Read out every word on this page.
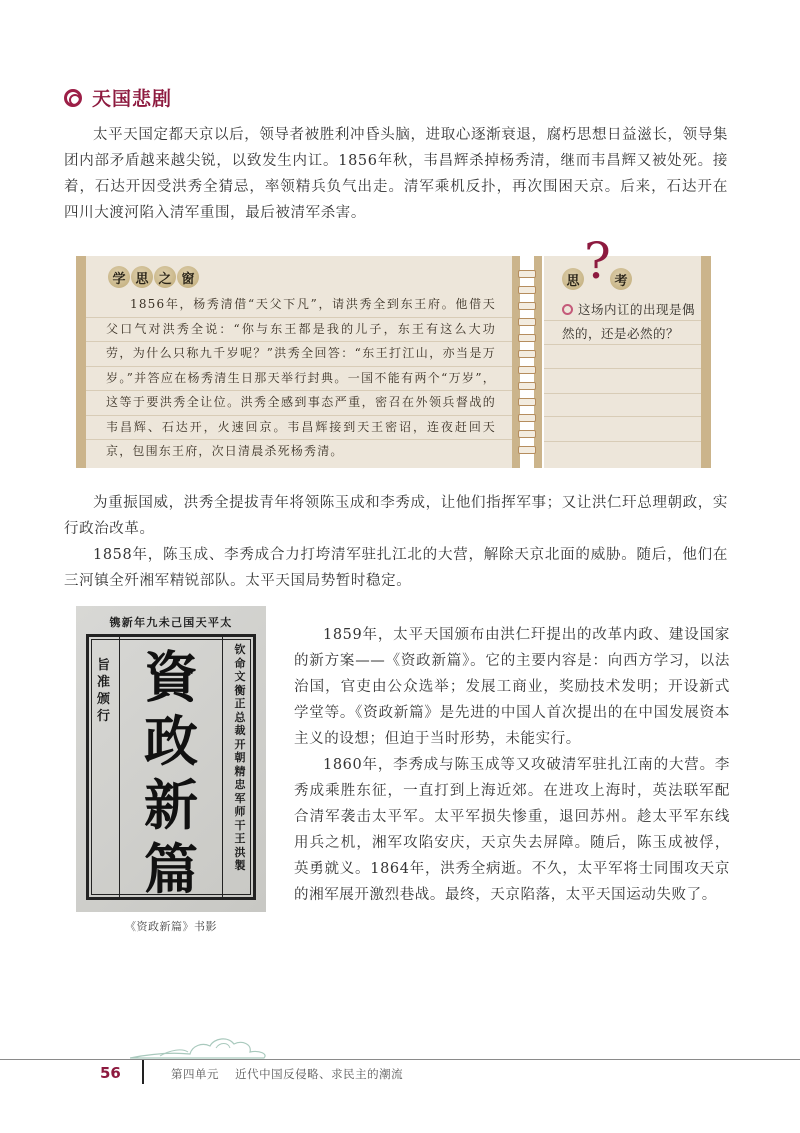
天国悲剧

太平天国定都天京以后，领导者被胜利冲昏头脑，进取心逐渐衰退，腐朽思想日益滋长，领导集团内部矛盾越来越尖锐，以致发生内讧。1856年秋，韦昌辉杀掉杨秀清，继而韦昌辉又被处死。接着，石达开因受洪秀全猜忌，率领精兵负气出走。清军乘机反扑，再次围困天京。后来，石达开在四川大渡河陷入清军重围，最后被清军杀害。

学 思 之 窗
1856年，杨秀清借“天父下凡”，请洪秀全到东王府。他借天父口气对洪秀全说：“你与东王都是我的儿子，东王有这么大功劳，为什么只称九千岁呢？”洪秀全回答：“东王打江山，亦当是万岁。”并答应在杨秀清生日那天举行封典。一国不能有两个“万岁”，这等于要洪秀全让位。洪秀全感到事态严重，密召在外领兵督战的韦昌辉、石达开，火速回京。韦昌辉接到天王密诏，连夜赶回天京，包围东王府，次日清晨杀死杨秀清。
思	考
这场内讧的出现是偶然的，还是必然的？
?

为重振国威，洪秀全提拔青年将领陈玉成和李秀成，让他们指挥军事；又让洪仁玕总理朝政，实行政治改革。

1858年，陈玉成、李秀成合力打垮清军驻扎江北的大营，解除天京北面的威胁。随后，他们在三河镇全歼湘军精锐部队。太平天国局势暂时稳定。

太平天国己未九年新镌
旨准颁行
資政新篇
钦命文衡正总裁开朝精忠军师干王洪　製
《资政新篇》书影

1859年，太平天国颁布由洪仁玕提出的改革内政、建设国家的新方案——《资政新篇》。它的主要内容是：向西方学习，以法治国，官吏由公众选举；发展工商业，奖励技术发明；开设新式学堂等。《资政新篇》是先进的中国人首次提出的在中国发展资本主义的设想；但迫于当时形势，未能实行。

1860年，李秀成与陈玉成等又攻破清军驻扎江南的大营。李秀成乘胜东征，一直打到上海近郊。在进攻上海时，英法联军配合清军袭击太平军。太平军损失惨重，退回苏州。趁太平军东线用兵之机，湘军攻陷安庆，天京失去屏障。随后，陈玉成被俘，英勇就义。1864年，洪秀全病逝。不久，太平军将士同围攻天京的湘军展开激烈巷战。最终，天京陷落，太平天国运动失败了。

56	第四单元　 近代中国反侵略、求民主的潮流
